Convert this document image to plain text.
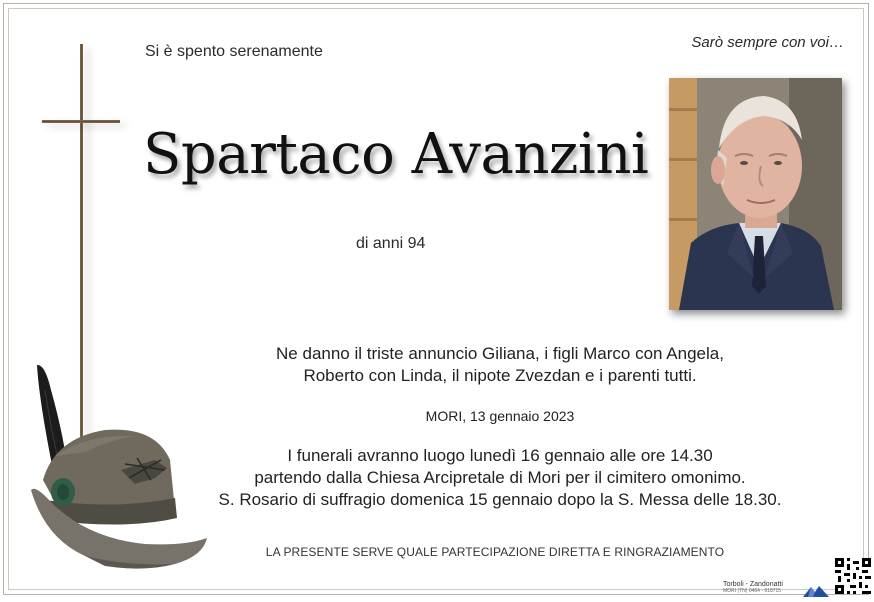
Si è spento serenamente
Sarò sempre con voi…
Spartaco Avanzini
di anni 94
Ne danno il triste annuncio Giliana, i figli Marco con Angela,
Roberto con Linda, il nipote Zvezdan e i parenti tutti.
MORI, 13 gennaio 2023
I funerali avranno luogo lunedì 16 gennaio alle ore 14.30
partendo dalla Chiesa Arcipretale di Mori per il cimitero omonimo.
S. Rosario di suffragio domenica 15 gennaio dopo la S. Messa delle 18.30.
LA PRESENTE SERVE QUALE PARTECIPAZIONE DIRETTA E RINGRAZIAMENTO
Torboli - Zandonatti
MORI (TN) 0464 - 918715
